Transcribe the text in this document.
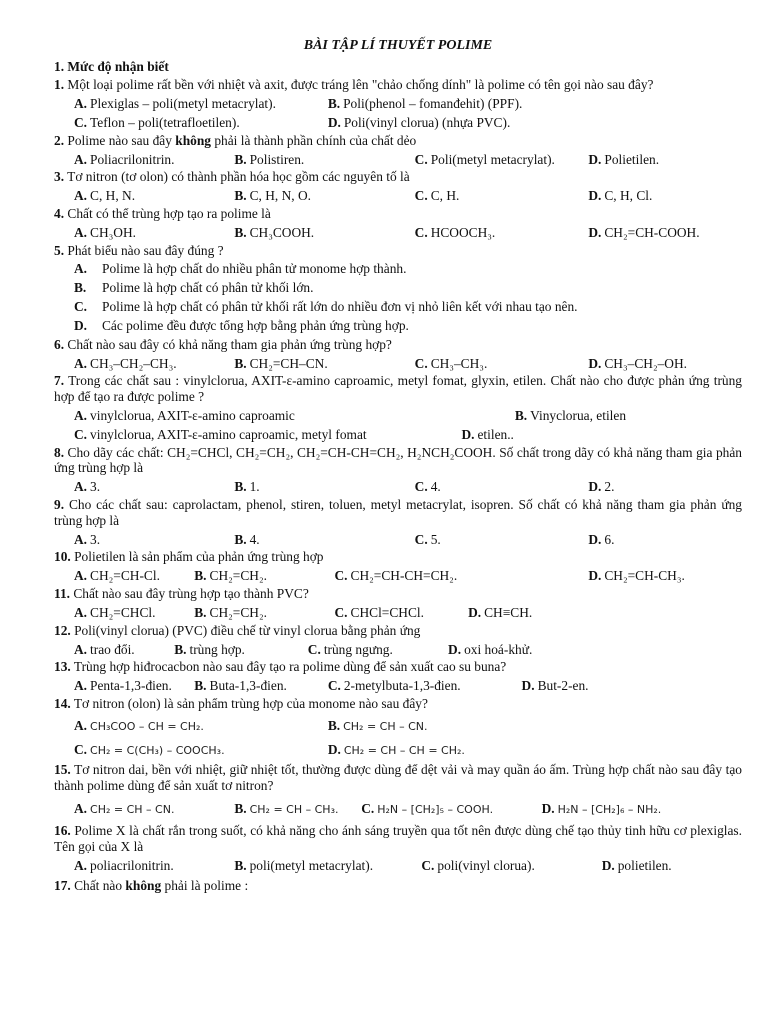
BÀI TẬP LÍ THUYẾT POLIME
1. Mức độ nhận biết
1. Một loại polime rất bền với nhiệt và axit, được tráng lên "chảo chống dính" là polime có tên gọi nào sau đây?
A. Plexiglas – poli(metyl metacrylat).	B. Poli(phenol – fomanđehit) (PPF).
C. Teflon – poli(tetrafloetilen).	D. Poli(vinyl clorua) (nhựa PVC).
2. Polime nào sau đây không phải là thành phần chính của chất dẻo
A. Poliacrilonitrin.	B. Polistiren.	C. Poli(metyl metacrylat).	D. Polietilen.
3. Tơ nitron (tơ olon) có thành phần hóa học gồm các nguyên tố là
A. C, H, N.	B. C, H, N, O.	C. C, H.	D. C, H, Cl.
4. Chất có thể trùng hợp tạo ra polime là
A. CH₃OH.	B. CH₃COOH.	C. HCOOCH₃.	D. CH₂=CH-COOH.
5. Phát biểu nào sau đây đúng ?
A.	Polime là hợp chất do nhiều phân tử monome hợp thành.
B.	Polime là hợp chất có phân tử khối lớn.
C.	Polime là hợp chất có phân tử khối rất lớn do nhiều đơn vị nhỏ liên kết với nhau tạo nên.
D.	Các polime đều được tổng hợp bằng phản ứng trùng hợp.
6. Chất nào sau đây có khả năng tham gia phản ứng trùng hợp?
A. CH₃–CH₂–CH₃.	B. CH₂=CH–CN.	C. CH₃–CH₃.	D. CH₃–CH₂–OH.
7. Trong các chất sau : vinylclorua, AXIT-ε-amino caproamic, metyl fomat, glyxin, etilen. Chất nào cho được phản ứng trùng hợp để tạo ra được polime ?
A. vinylclorua, AXIT-ε-amino caproamic	B. Vinyclorua, etilen
C. vinylclorua, AXIT-ε-amino caproamic, metyl fomat	D. etilen..
8. Cho dãy các chất: CH₂=CHCl, CH₂=CH₂, CH₂=CH-CH=CH₂, H₂NCH₂COOH. Số chất trong dãy có khả năng tham gia phản ứng trùng hợp là
A. 3.	B. 1.	C. 4.	D. 2.
9. Cho các chất sau: caprolactam, phenol, stiren, toluen, metyl metacrylat, isopren. Số chất có khả năng tham gia phản ứng trùng hợp là
A. 3.	B. 4.	C. 5.	D. 6.
10. Polietilen là sản phẩm của phản ứng trùng hợp
A. CH₂=CH-Cl.	B. CH₂=CH₂.	C. CH₂=CH-CH=CH₂.	D. CH₂=CH-CH₃.
11. Chất nào sau đây trùng hợp tạo thành PVC?
A. CH₂=CHCl.	B. CH₂=CH₂.	C. CHCl=CHCl.	D. CH≡CH.
12. Poli(vinyl clorua) (PVC) điều chế từ vinyl clorua bằng phản ứng
A. trao đổi.	B. trùng hợp.	C. trùng ngưng.	D. oxi hoá-khử.
13. Trùng hợp hiđrocacbon nào sau đây tạo ra polime dùng để sản xuất cao su buna?
A. Penta-1,3-đien.	B. Buta-1,3-đien.	C. 2-metylbuta-1,3-đien.	D. But-2-en.
14. Tơ nitron (olon) là sản phẩm trùng hợp của monome nào sau đây?
A. CH₃COO – CH = CH₂.	B. CH₂ = CH – CN.
C. CH₂ = C(CH₃) – COOCH₃.	D. CH₂ = CH – CH = CH₂.
15. Tơ nitron dai, bền với nhiệt, giữ nhiệt tốt, thường được dùng để dệt vải và may quần áo ấm. Trùng hợp chất nào sau đây tạo thành polime dùng để sản xuất tơ nitron?
A. CH₂ = CH – CN.	B. CH₂ = CH – CH₃.	C. H₂N – [CH₂]₅ – COOH.	D. H₂N – [CH₂]₆ – NH₂.
16. Polime X là chất rắn trong suốt, có khả năng cho ánh sáng truyền qua tốt nên được dùng chế tạo thủy tinh hữu cơ plexiglas. Tên gọi của X là
A. poliacrilonitrin.	B. poli(metyl metacrylat).	C. poli(vinyl clorua).	D. polietilen.
17. Chất nào không phải là polime :
